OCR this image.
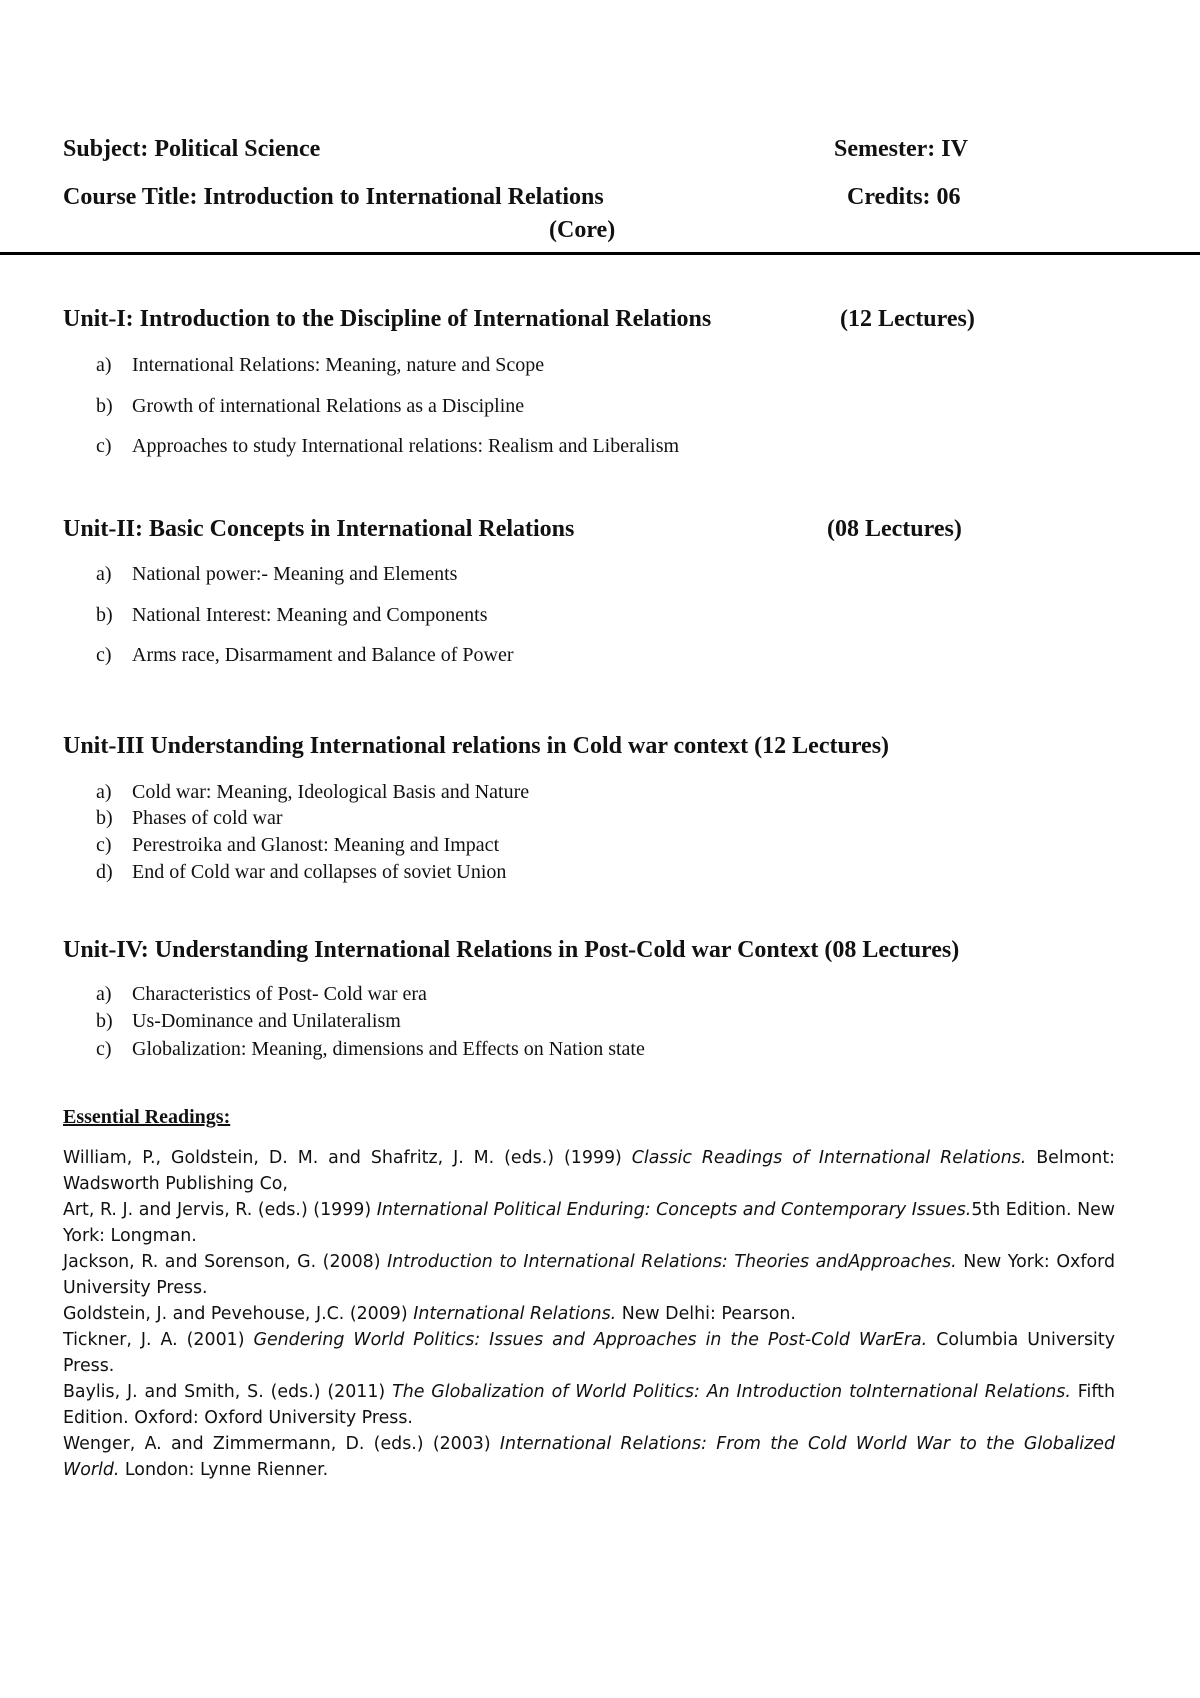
Subject: Political Science	Semester: IV
Course Title: Introduction to International Relations	Credits: 06
(Core)
Unit-I: Introduction to the Discipline of International Relations	(12 Lectures)
a) International Relations: Meaning, nature and Scope
b) Growth of international Relations as a Discipline
c) Approaches to study International relations: Realism and Liberalism
Unit-II: Basic Concepts in International Relations	(08 Lectures)
a) National power:- Meaning and Elements
b) National Interest: Meaning and Components
c) Arms race, Disarmament and Balance of Power
Unit-III Understanding International relations in Cold war context (12 Lectures)
a) Cold war: Meaning, Ideological Basis and Nature
b) Phases of cold war
c) Perestroika and Glanost: Meaning and Impact
d) End of Cold war and collapses of soviet Union
Unit-IV: Understanding International Relations in Post-Cold war Context (08 Lectures)
a) Characteristics of Post- Cold war era
b) Us-Dominance and Unilateralism
c) Globalization: Meaning, dimensions and Effects on Nation state
Essential Readings:

William, P., Goldstein, D. M. and Shafritz, J. M. (eds.) (1999) Classic Readings of International Relations. Belmont: Wadsworth Publishing Co,

Art, R. J. and Jervis, R. (eds.) (1999) International Political Enduring: Concepts and Contemporary Issues.5th Edition. New York: Longman.

Jackson, R. and Sorenson, G. (2008) Introduction to International Relations: Theories andApproaches. New York: Oxford University Press.

Goldstein, J. and Pevehouse, J.C. (2009) International Relations. New Delhi: Pearson.

Tickner, J. A. (2001) Gendering World Politics: Issues and Approaches in the Post-Cold WarEra. Columbia University Press.

Baylis, J. and Smith, S. (eds.) (2011) The Globalization of World Politics: An Introduction toInternational Relations. Fifth Edition. Oxford: Oxford University Press.

Wenger, A. and Zimmermann, D. (eds.) (2003) International Relations: From the Cold World War to the Globalized World. London: Lynne Rienner.
